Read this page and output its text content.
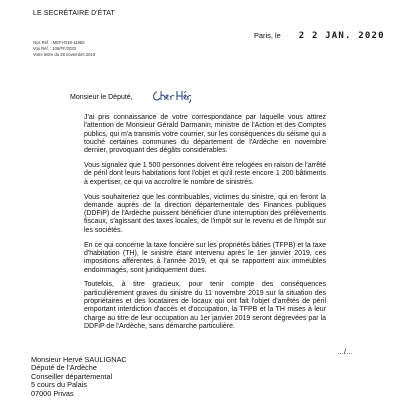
LE SECRÉTAIRE D'ÉTAT
Nos Réf. : MEFI-D19-11665
Vos Réf. : 106/FF/2033
Votre lettre du 28 novembre 2019
Paris, le 2 2 JAN. 2020
Monsieur le Député,

J'ai pris connaissance de votre correspondance par laquelle vous attirez l'attention de Monsieur Gérald Darmanin, ministre de l'Action et des Comptes publics, qui m'a transmis votre courrier, sur les conséquences du séisme qui a touché certaines communes du département de l'Ardèche en novembre dernier, provoquant des dégâts considérables.

Vous signalez que 1 500 personnes doivent être relogées en raison de l'arrêté de péril dont leurs habitations font l'objet et qu'il reste encore 1 200 bâtiments à expertiser, ce qui va accroître le nombre de sinistrés.

Vous souhaiteriez que les contribuables, victimes du sinistre, qui en feront la demande auprès de la direction départementale des Finances publiques (DDFiP) de l'Ardèche puissent bénéficier d'une interruption des prélèvements fiscaux, s'agissant des taxes locales, de l'impôt sur le revenu et de l'impôt sur les sociétés.

En ce qui concerne la taxe foncière sur les propriétés bâties (TFPB) et la taxe d'habitation (TH), le sinistre étant intervenu après le 1er janvier 2019, ces impositions afférentes à l'année 2019, et qui se rapportent aux immeubles endommagés, sont juridiquement dues.

Toutefois, à titre gracieux, pour tenir compte des conséquences particulièrement graves du sinistre du 11 novembre 2019 sur la situation des propriétaires et des locataires de locaux qui ont fait l'objet d'arrêtés de péril emportant interdiction d'accès et d'occupation, la TFPB et la TH mises à leur charge au titre de leur occupation au 1er janvier 2019 seront dégrevées par la DDFiP de l'Ardèche, sans démarche particulière.

…/…
Monsieur Hervé SAULIGNAC
Député de l'Ardèche
Conseiller départemental
5 cours du Palais
07000 Privas
